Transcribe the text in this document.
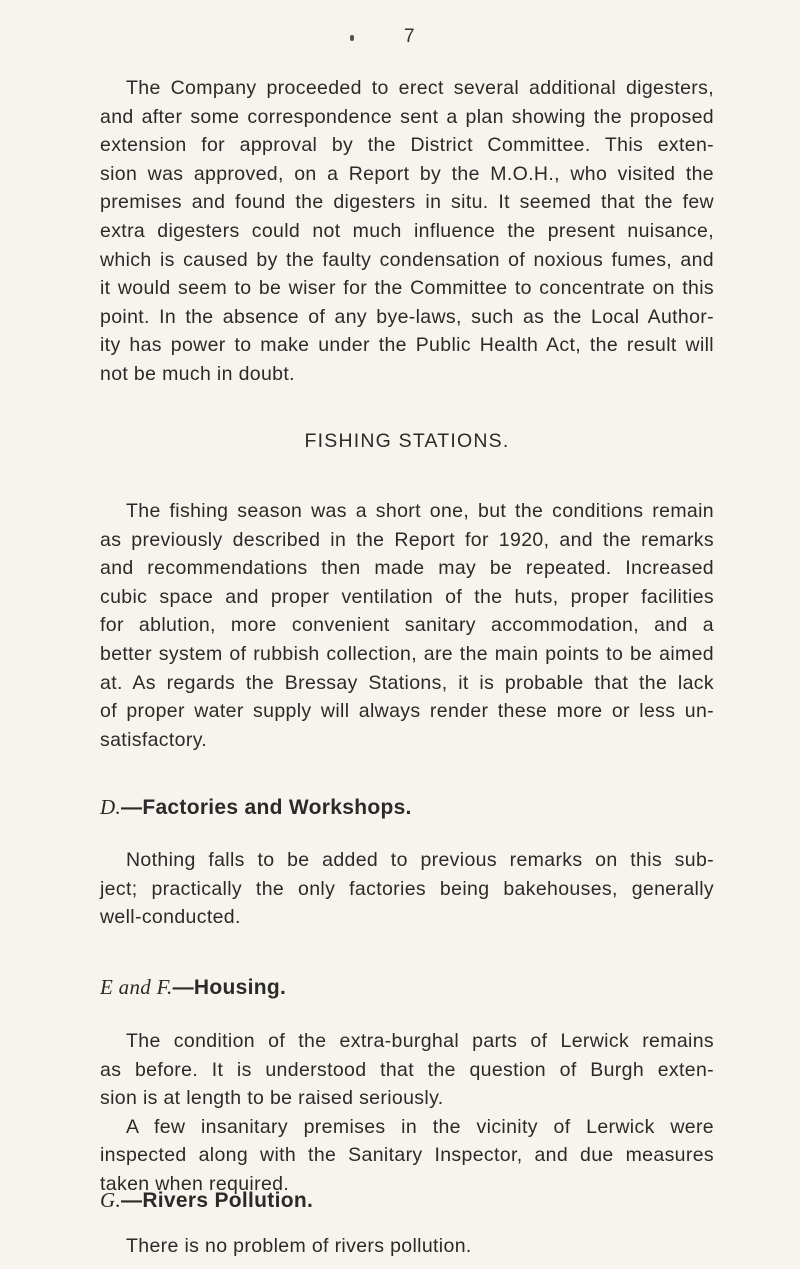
7
The Company proceeded to erect several additional digesters,
and after some correspondence sent a plan showing the proposed
extension for approval by the District Committee. This exten-
sion was approved, on a Report by the M.O.H., who visited the
premises and found the digesters in situ. It seemed that the few
extra digesters could not much influence the present nuisance,
which is caused by the faulty condensation of noxious fumes, and
it would seem to be wiser for the Committee to concentrate on this
point. In the absence of any bye-laws, such as the Local Author-
ity has power to make under the Public Health Act, the result will
not be much in doubt.
FISHING STATIONS.
The fishing season was a short one, but the conditions remain
as previously described in the Report for 1920, and the remarks
and recommendations then made may be repeated. Increased
cubic space and proper ventilation of the huts, proper facilities
for ablution, more convenient sanitary accommodation, and a
better system of rubbish collection, are the main points to be aimed
at. As regards the Bressay Stations, it is probable that the lack
of proper water supply will always render these more or less un-
satisfactory.
D.—Factories and Workshops.
Nothing falls to be added to previous remarks on this sub-
ject; practically the only factories being bakehouses, generally
well-conducted.
E and F.—Housing.
The condition of the extra-burghal parts of Lerwick remains
as before. It is understood that the question of Burgh exten-
sion is at length to be raised seriously.
A few insanitary premises in the vicinity of Lerwick were
inspected along with the Sanitary Inspector, and due measures
taken when required.
G.—Rivers Pollution.
There is no problem of rivers pollution.
